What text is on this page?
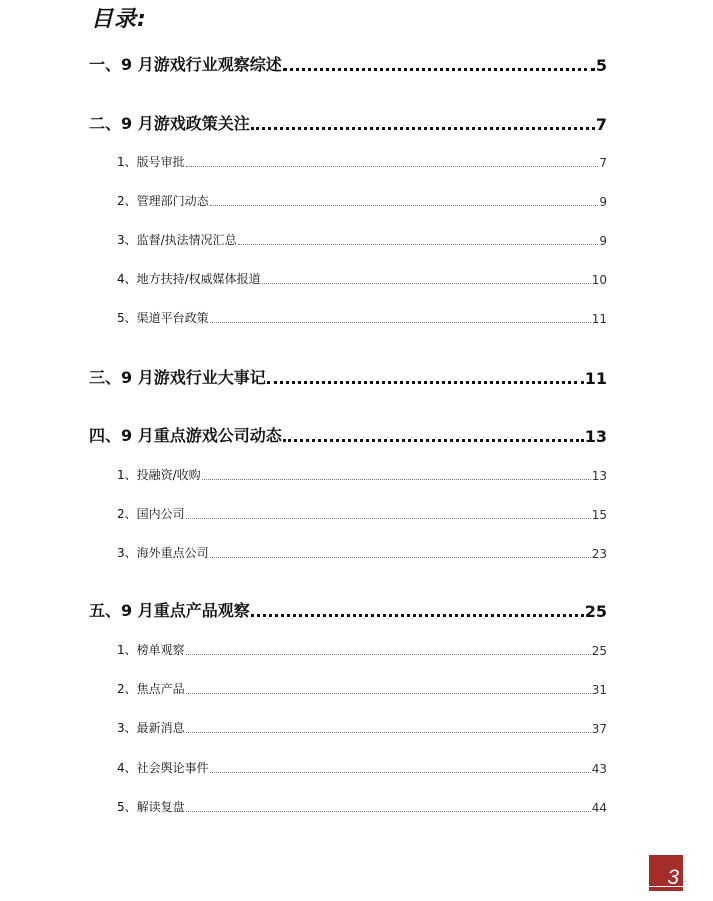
目录:
一、9 月游戏行业观察综述	5
二、9 月游戏政策关注	7
1、版号审批	7
2、管理部门动态	9
3、监督/执法情况汇总	9
4、地方扶持/权威媒体报道	10
5、渠道平台政策	11
三、9 月游戏行业大事记	11
四、9 月重点游戏公司动态	13
1、投融资/收购	13
2、国内公司	15
3、海外重点公司	23
五、9 月重点产品观察	25
1、榜单观察	25
2、焦点产品	31
3、最新消息	37
4、社会舆论事件	43
5、解读复盘	44
3
